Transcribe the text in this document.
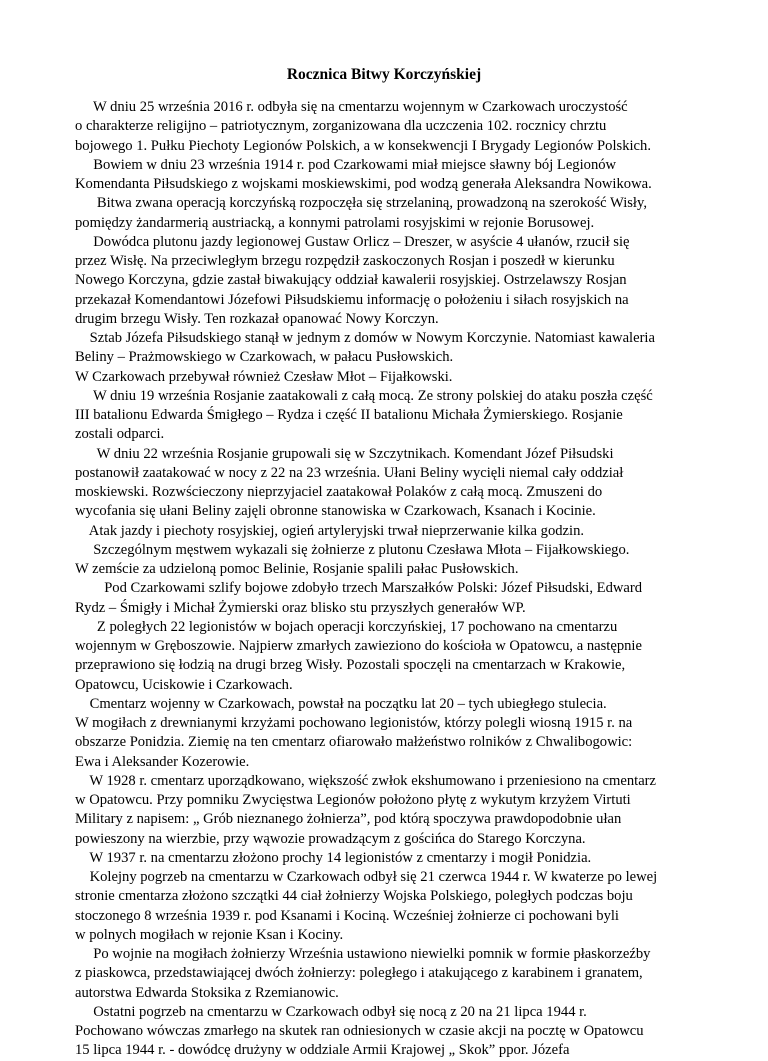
Rocznica Bitwy Korczyńskiej
W dniu 25 września 2016 r. odbyła się na cmentarzu wojennym w Czarkowach uroczystość
o charakterze religijno – patriotycznym, zorganizowana dla uczczenia 102. rocznicy chrztu
bojowego 1. Pułku Piechoty Legionów Polskich, a w konsekwencji I Brygady Legionów Polskich.
Bowiem w dniu 23 września 1914 r. pod Czarkowami miał miejsce sławny bój Legionów
Komendanta Piłsudskiego z wojskami moskiewskimi, pod wodzą generała Aleksandra Nowikowa.
Bitwa zwana operacją korczyńską rozpoczęła się strzelaniną, prowadzoną na szerokość Wisły,
pomiędzy żandarmerią austriacką, a konnymi patrolami rosyjskimi w rejonie Borusowej.
Dowódca plutonu jazdy legionowej Gustaw Orlicz – Dreszer, w asyście 4 ułanów, rzucił się
przez Wisłę. Na przeciwległym brzegu rozpędził zaskoczonych Rosjan i poszedł w kierunku
Nowego Korczyna, gdzie zastał biwakujący oddział kawalerii rosyjskiej. Ostrzelawszy Rosjan
przekazał Komendantowi Józefowi Piłsudskiemu informację o położeniu i siłach rosyjskich na
drugim brzegu Wisły. Ten rozkazał opanować Nowy Korczyn.
Sztab Józefa Piłsudskiego stanął w jednym z domów w Nowym Korczynie. Natomiast kawaleria
Beliny – Prażmowskiego w Czarkowach, w pałacu Pusłowskich.
W Czarkowach przebywał również Czesław Młot – Fijałkowski.
W dniu 19 września Rosjanie zaatakowali z całą mocą. Ze strony polskiej do ataku poszła część
III batalionu Edwarda Śmigłego – Rydza i część II batalionu Michała Żymierskiego. Rosjanie
zostali odparci.
W dniu 22 września Rosjanie grupowali się w Szczytnikach. Komendant Józef Piłsudski
postanowił zaatakować w nocy z 22 na 23 września. Ułani Beliny wycięli niemal cały oddział
moskiewski. Rozwścieczony nieprzyjaciel zaatakował Polaków z całą mocą. Zmuszeni do
wycofania się ułani Beliny zajęli obronne stanowiska w Czarkowach, Ksanach i Kocinie.
Atak jazdy i piechoty rosyjskiej, ogień artyleryjski trwał nieprzerwanie kilka godzin.
Szczególnym męstwem wykazali się żołnierze z plutonu Czesława Młota – Fijałkowskiego.
W zemście za udzieloną pomoc Belinie, Rosjanie spalili pałac Pusłowskich.
Pod Czarkowami szlify bojowe zdobyło trzech Marszałków Polski: Józef Piłsudski, Edward
Rydz – Śmigły i Michał Żymierski oraz blisko stu przyszłych generałów WP.
Z poległych 22 legionistów w bojach operacji korczyńskiej, 17 pochowano na cmentarzu
wojennym w Gręboszowie. Najpierw zmarłych zawieziono do kościoła w Opatowcu, a następnie
przeprawiono się łodzią na drugi brzeg Wisły. Pozostali spoczęli na cmentarzach w Krakowie,
Opatowcu, Uciskowie i Czarkowach.
Cmentarz wojenny w Czarkowach, powstał na początku lat 20 – tych ubiegłego stulecia.
W mogiłach z drewnianymi krzyżami pochowano legionistów, którzy polegli wiosną 1915 r. na
obszarze Ponidzia. Ziemię na ten cmentarz ofiarowało małżeństwo rolników z Chwalibogowic:
Ewa i Aleksander Kozerowie.
W 1928 r. cmentarz uporządkowano, większość zwłok ekshumowano i przeniesiono na cmentarz
w Opatowcu. Przy pomniku Zwycięstwa Legionów położono płytę z wykutym krzyżem Virtuti
Military z napisem: „ Grób nieznanego żołnierza”, pod którą spoczywa prawdopodobnie ułan
powieszony na wierzbie, przy wąwozie prowadzącym z gościńca do Starego Korczyna.
W 1937 r. na cmentarzu złożono prochy 14 legionistów z cmentarzy i mogił Ponidzia.
Kolejny pogrzeb na cmentarzu w Czarkowach odbył się 21 czerwca 1944 r. W kwaterze po lewej
stronie cmentarza złożono szczątki 44 ciał żołnierzy Wojska Polskiego, poległych podczas boju
stoczonego 8 września 1939 r. pod Ksanami i Kociną. Wcześniej żołnierze ci pochowani byli
w polnych mogiłach w rejonie Ksan i Kociny.
Po wojnie na mogiłach żołnierzy Września ustawiono niewielki pomnik w formie płaskorzeźby
z piaskowca, przedstawiającej dwóch żołnierzy: poległego i atakującego z karabinem i granatem,
autorstwa Edwarda Stoksika z Rzemianowic.
Ostatni pogrzeb na cmentarzu w Czarkowach odbył się nocą z 20 na 21 lipca 1944 r.
Pochowano wówczas zmarłego na skutek ran odniesionych w czasie akcji na pocztę w Opatowcu
15 lipca 1944 r. - dowódcę drużyny w oddziale Armii Krajowej „ Skok” ppor. Józefa
